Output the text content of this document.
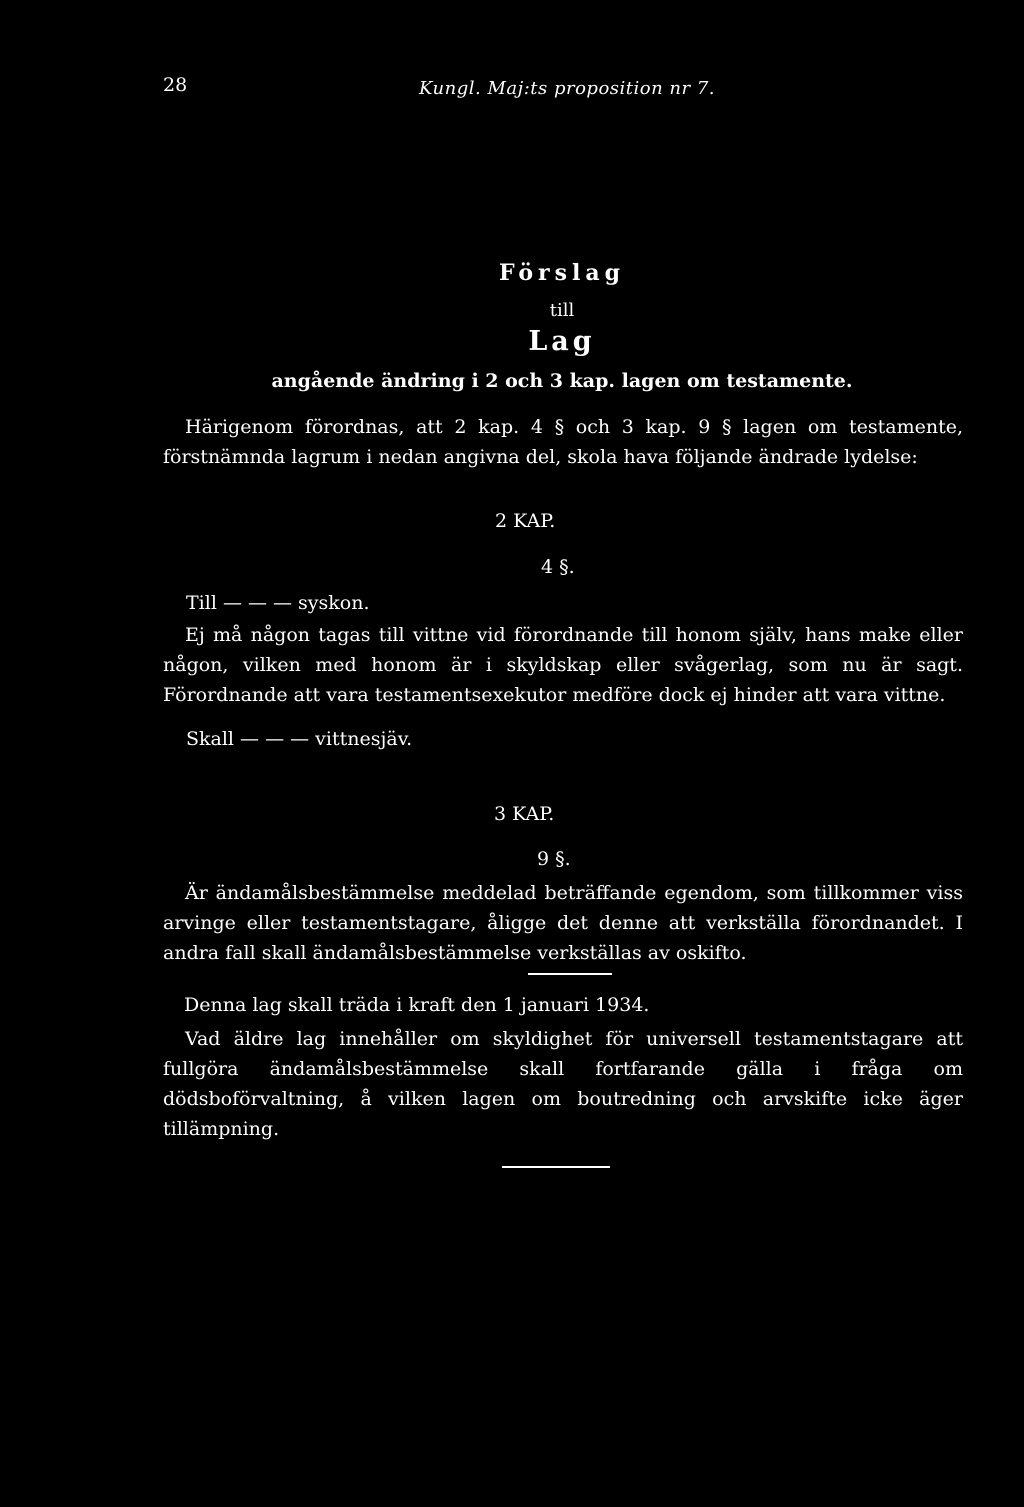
28	Kungl. Maj:ts proposition nr 7.
Förslag
till
Lag
angående ändring i 2 och 3 kap. lagen om testamente.
Härigenom förordnas, att 2 kap. 4 § och 3 kap. 9 § lagen om testamente, förstnämnda lagrum i nedan angivna del, skola hava följande ändrade lydelse:
2 KAP.
4 §.
Till — — — syskon.
Ej må någon tagas till vittne vid förordnande till honom själv, hans make eller någon, vilken med honom är i skyldskap eller svågerlag, som nu är sagt. Förordnande att vara testamentsexekutor medföre dock ej hinder att vara vittne.
Skall — — — vittnesjäv.
3 KAP.
9 §.
Är ändamålsbestämmelse meddelad beträffande egendom, som tillkommer viss arvinge eller testamentstagare, åligge det denne att verkställa förordnandet. I andra fall skall ändamålsbestämmelse verkställas av oskifto.
Denna lag skall träda i kraft den 1 januari 1934.
Vad äldre lag innehåller om skyldighet för universell testamentstagare att fullgöra ändamålsbestämmelse skall fortfarande gälla i fråga om dödsboförvaltning, å vilken lagen om boutredning och arvskifte icke äger tillämpning.
